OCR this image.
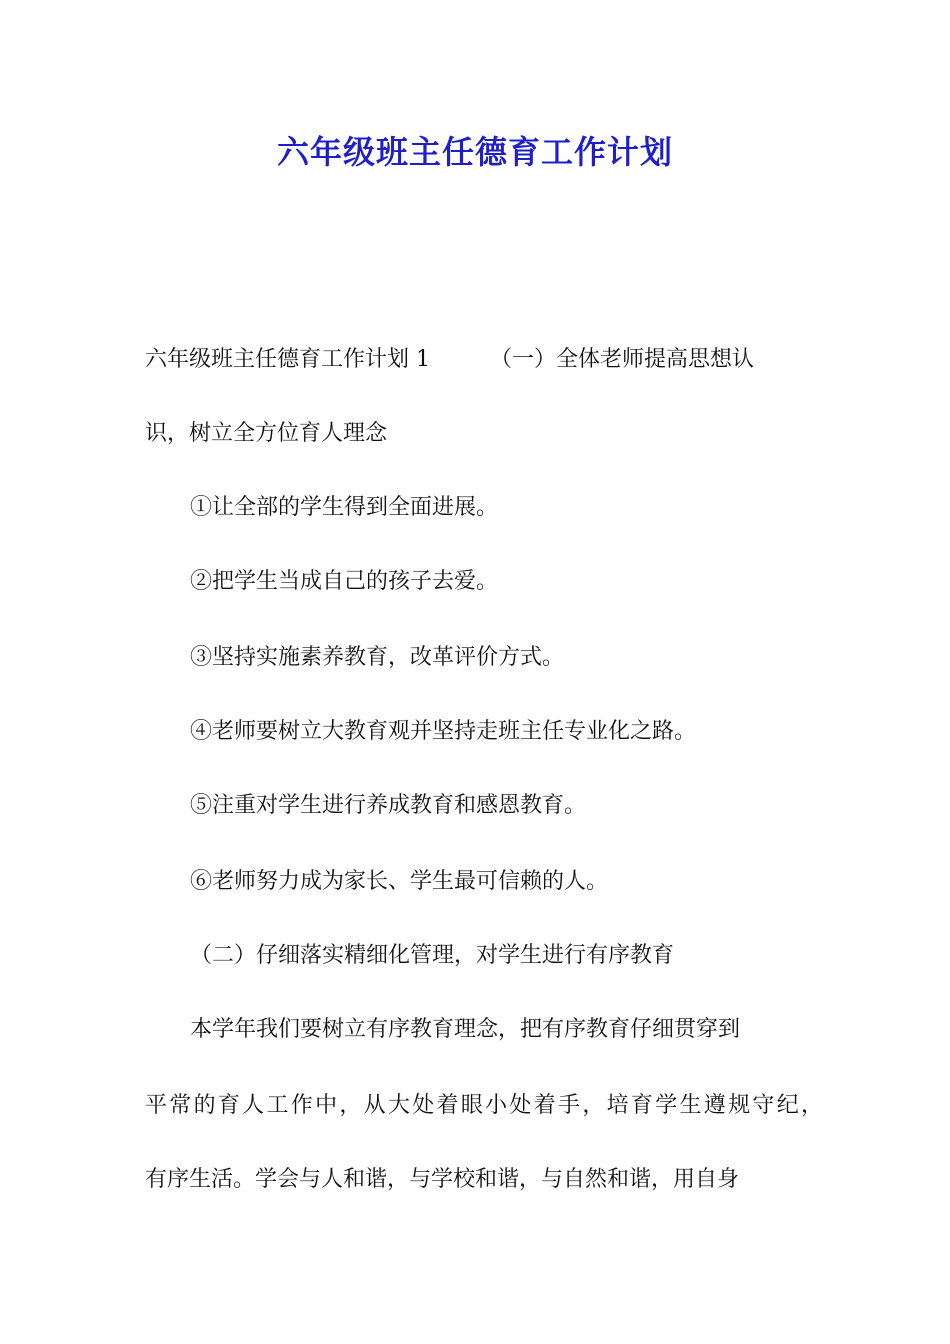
六年级班主任德育工作计划
六年级班主任德育工作计划 1	（一）全体老师提高思想认
识，树立全方位育人理念
①让全部的学生得到全面进展。
②把学生当成自己的孩子去爱。
③坚持实施素养教育，改革评价方式。
④老师要树立大教育观并坚持走班主任专业化之路。
⑤注重对学生进行养成教育和感恩教育。
⑥老师努力成为家长、学生最可信赖的人。
（二）仔细落实精细化管理，对学生进行有序教育
本学年我们要树立有序教育理念，把有序教育仔细贯穿到
平常的育人工作中，从大处着眼小处着手，培育学生遵规守纪，
有序生活。学会与人和谐，与学校和谐，与自然和谐，用自身
